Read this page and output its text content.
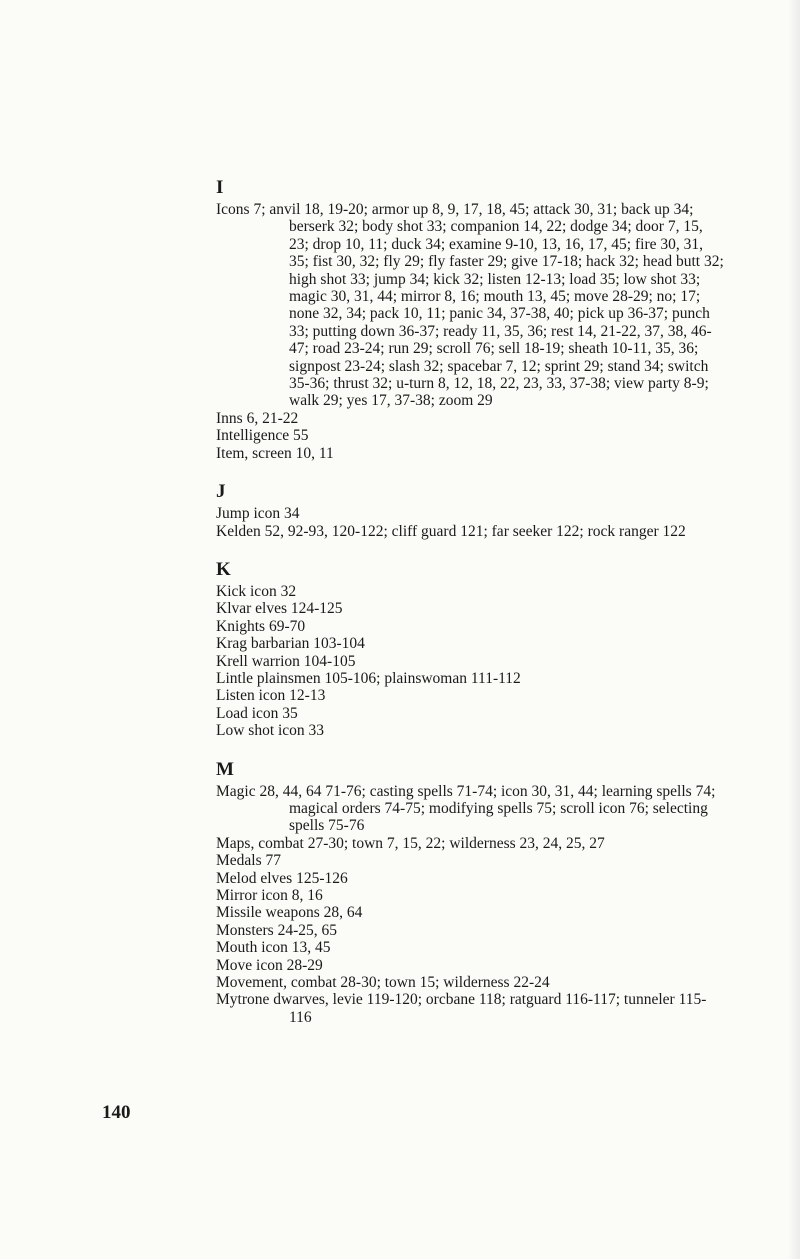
I

Icons 7; anvil 18, 19-20; armor up 8, 9, 17, 18, 45; attack 30, 31; back up 34; berserk 32; body shot 33; companion 14, 22; dodge 34; door 7, 15, 23; drop 10, 11; duck 34; examine 9-10, 13, 16, 17, 45; fire 30, 31, 35; fist 30, 32; fly 29; fly faster 29; give 17-18; hack 32; head butt 32; high shot 33; jump 34; kick 32; listen 12-13; load 35; low shot 33; magic 30, 31, 44; mirror 8, 16; mouth 13, 45; move 28-29; no; 17; none 32, 34; pack 10, 11; panic 34, 37-38, 40; pick up 36-37; punch 33; putting down 36-37; ready 11, 35, 36; rest 14, 21-22, 37, 38, 46-47; road 23-24; run 29; scroll 76; sell 18-19; sheath 10-11, 35, 36; signpost 23-24; slash 32; spacebar 7, 12; sprint 29; stand 34; switch 35-36; thrust 32; u-turn 8, 12, 18, 22, 23, 33, 37-38; view party 8-9; walk 29; yes 17, 37-38; zoom 29

Inns 6, 21-22

Intelligence 55

Item, screen 10, 11

J

Jump icon 34

Kelden 52, 92-93, 120-122; cliff guard 121; far seeker 122; rock ranger 122

K

Kick icon 32

Klvar elves 124-125

Knights 69-70

Krag barbarian 103-104

Krell warrion 104-105

Lintle plainsmen 105-106; plainswoman 111-112

Listen icon 12-13

Load icon 35

Low shot icon 33

M

Magic 28, 44, 64 71-76; casting spells 71-74; icon 30, 31, 44; learning spells 74; magical orders 74-75; modifying spells 75; scroll icon 76; selecting spells 75-76

Maps, combat 27-30; town 7, 15, 22; wilderness 23, 24, 25, 27

Medals 77

Melod elves 125-126

Mirror icon 8, 16

Missile weapons 28, 64

Monsters 24-25, 65

Mouth icon 13, 45

Move icon 28-29

Movement, combat 28-30; town 15; wilderness 22-24

Mytrone dwarves, levie 119-120; orcbane 118; ratguard 116-117; tunneler 115-116

140
